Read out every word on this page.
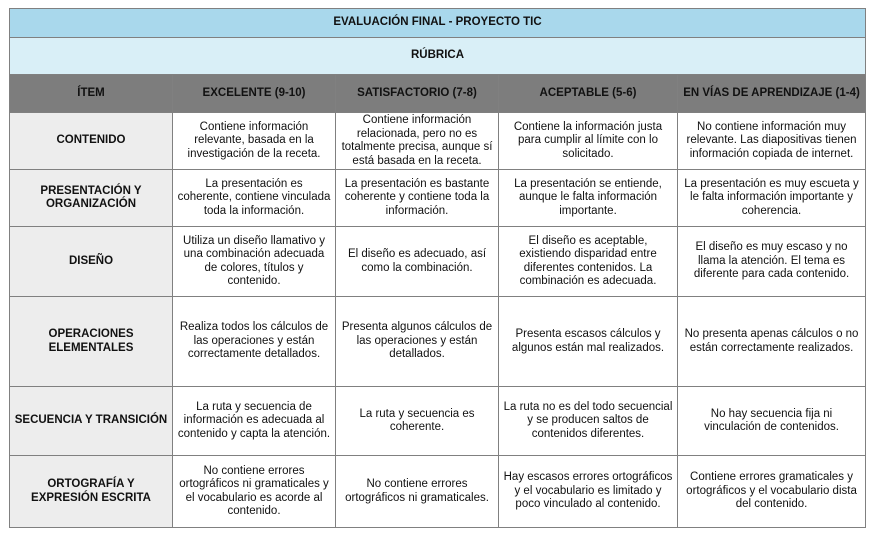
EVALUACIÓN FINAL - PROYECTO TIC				
RÚBRICA				
ÍTEM	EXCELENTE (9-10)	SATISFACTORIO (7-8)	ACEPTABLE (5-6)	EN VÍAS DE APRENDIZAJE (1-4)
CONTENIDO	Contiene información relevante, basada en la investigación de la receta.	Contiene información relacionada, pero no es totalmente precisa, aunque sí está basada en la receta.	Contiene la información justa para cumplir al límite con lo solicitado.	No contiene información muy relevante. Las diapositivas tienen información copiada de internet.
PRESENTACIÓN Y ORGANIZACIÓN	La presentación es coherente, contiene vinculada toda la información.	La presentación es bastante coherente y contiene toda la información.	La presentación se entiende, aunque le falta información importante.	La presentación es muy escueta y le falta información importante y coherencia.
DISEÑO	Utiliza un diseño llamativo y una combinación adecuada de colores, títulos y contenido.	El diseño es adecuado, así como la combinación.	El diseño es aceptable, existiendo disparidad entre diferentes contenidos. La combinación es adecuada.	El diseño es muy escaso y no llama la atención. El tema es diferente para cada contenido.
OPERACIONES ELEMENTALES	Realiza todos los cálculos de las operaciones y están correctamente detallados.	Presenta algunos cálculos de las operaciones y están detallados.	Presenta escasos cálculos y algunos están mal realizados.	No presenta apenas cálculos o no están correctamente realizados.
SECUENCIA Y TRANSICIÓN	La ruta y secuencia de información es adecuada al contenido y capta la atención.	La ruta y secuencia es coherente.	La ruta no es del todo secuencial y se producen saltos de contenidos diferentes.	No hay secuencia fija ni vinculación de contenidos.
ORTOGRAFÍA Y EXPRESIÓN ESCRITA	No contiene errores ortográficos ni gramaticales y el vocabulario es acorde al contenido.	No contiene errores ortográficos ni gramaticales.	Hay escasos errores ortográficos y el vocabulario es limitado y poco vinculado al contenido.	Contiene errores gramaticales y ortográficos y el vocabulario dista del contenido.
